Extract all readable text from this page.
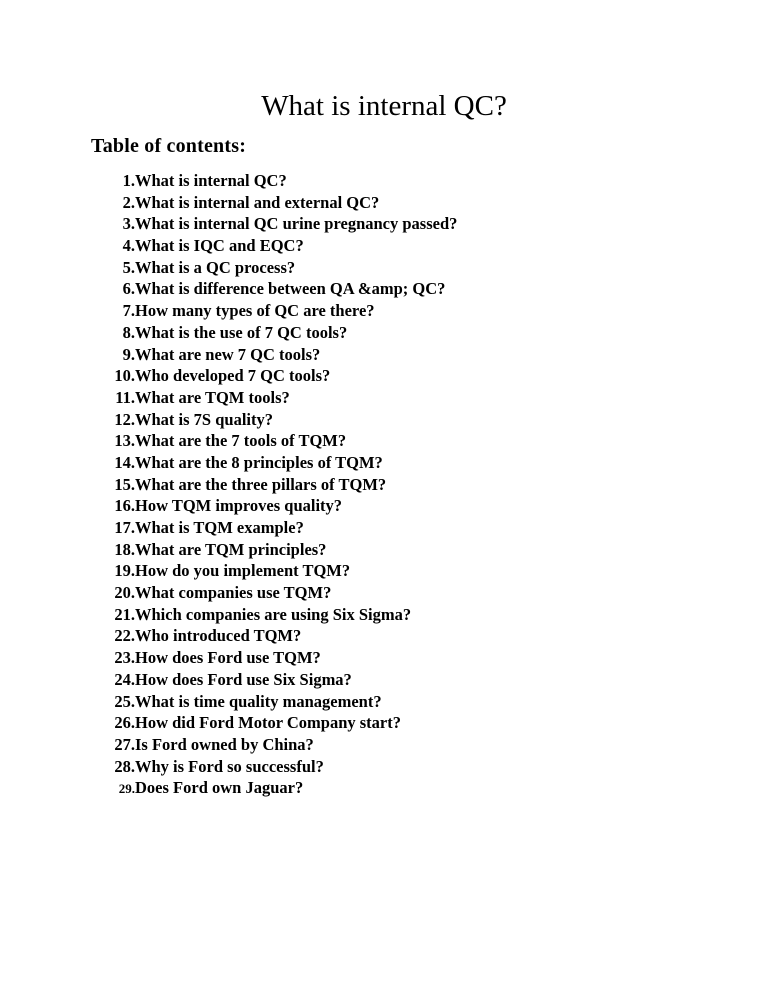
What is internal QC?
Table of contents:
1. What is internal QC?
2. What is internal and external QC?
3. What is internal QC urine pregnancy passed?
4. What is IQC and EQC?
5. What is a QC process?
6. What is difference between QA &amp; QC?
7. How many types of QC are there?
8. What is the use of 7 QC tools?
9. What are new 7 QC tools?
10. Who developed 7 QC tools?
11. What are TQM tools?
12. What is 7S quality?
13. What are the 7 tools of TQM?
14. What are the 8 principles of TQM?
15. What are the three pillars of TQM?
16. How TQM improves quality?
17. What is TQM example?
18. What are TQM principles?
19. How do you implement TQM?
20. What companies use TQM?
21. Which companies are using Six Sigma?
22. Who introduced TQM?
23. How does Ford use TQM?
24. How does Ford use Six Sigma?
25. What is time quality management?
26. How did Ford Motor Company start?
27. Is Ford owned by China?
28. Why is Ford so successful?
29. Does Ford own Jaguar?
